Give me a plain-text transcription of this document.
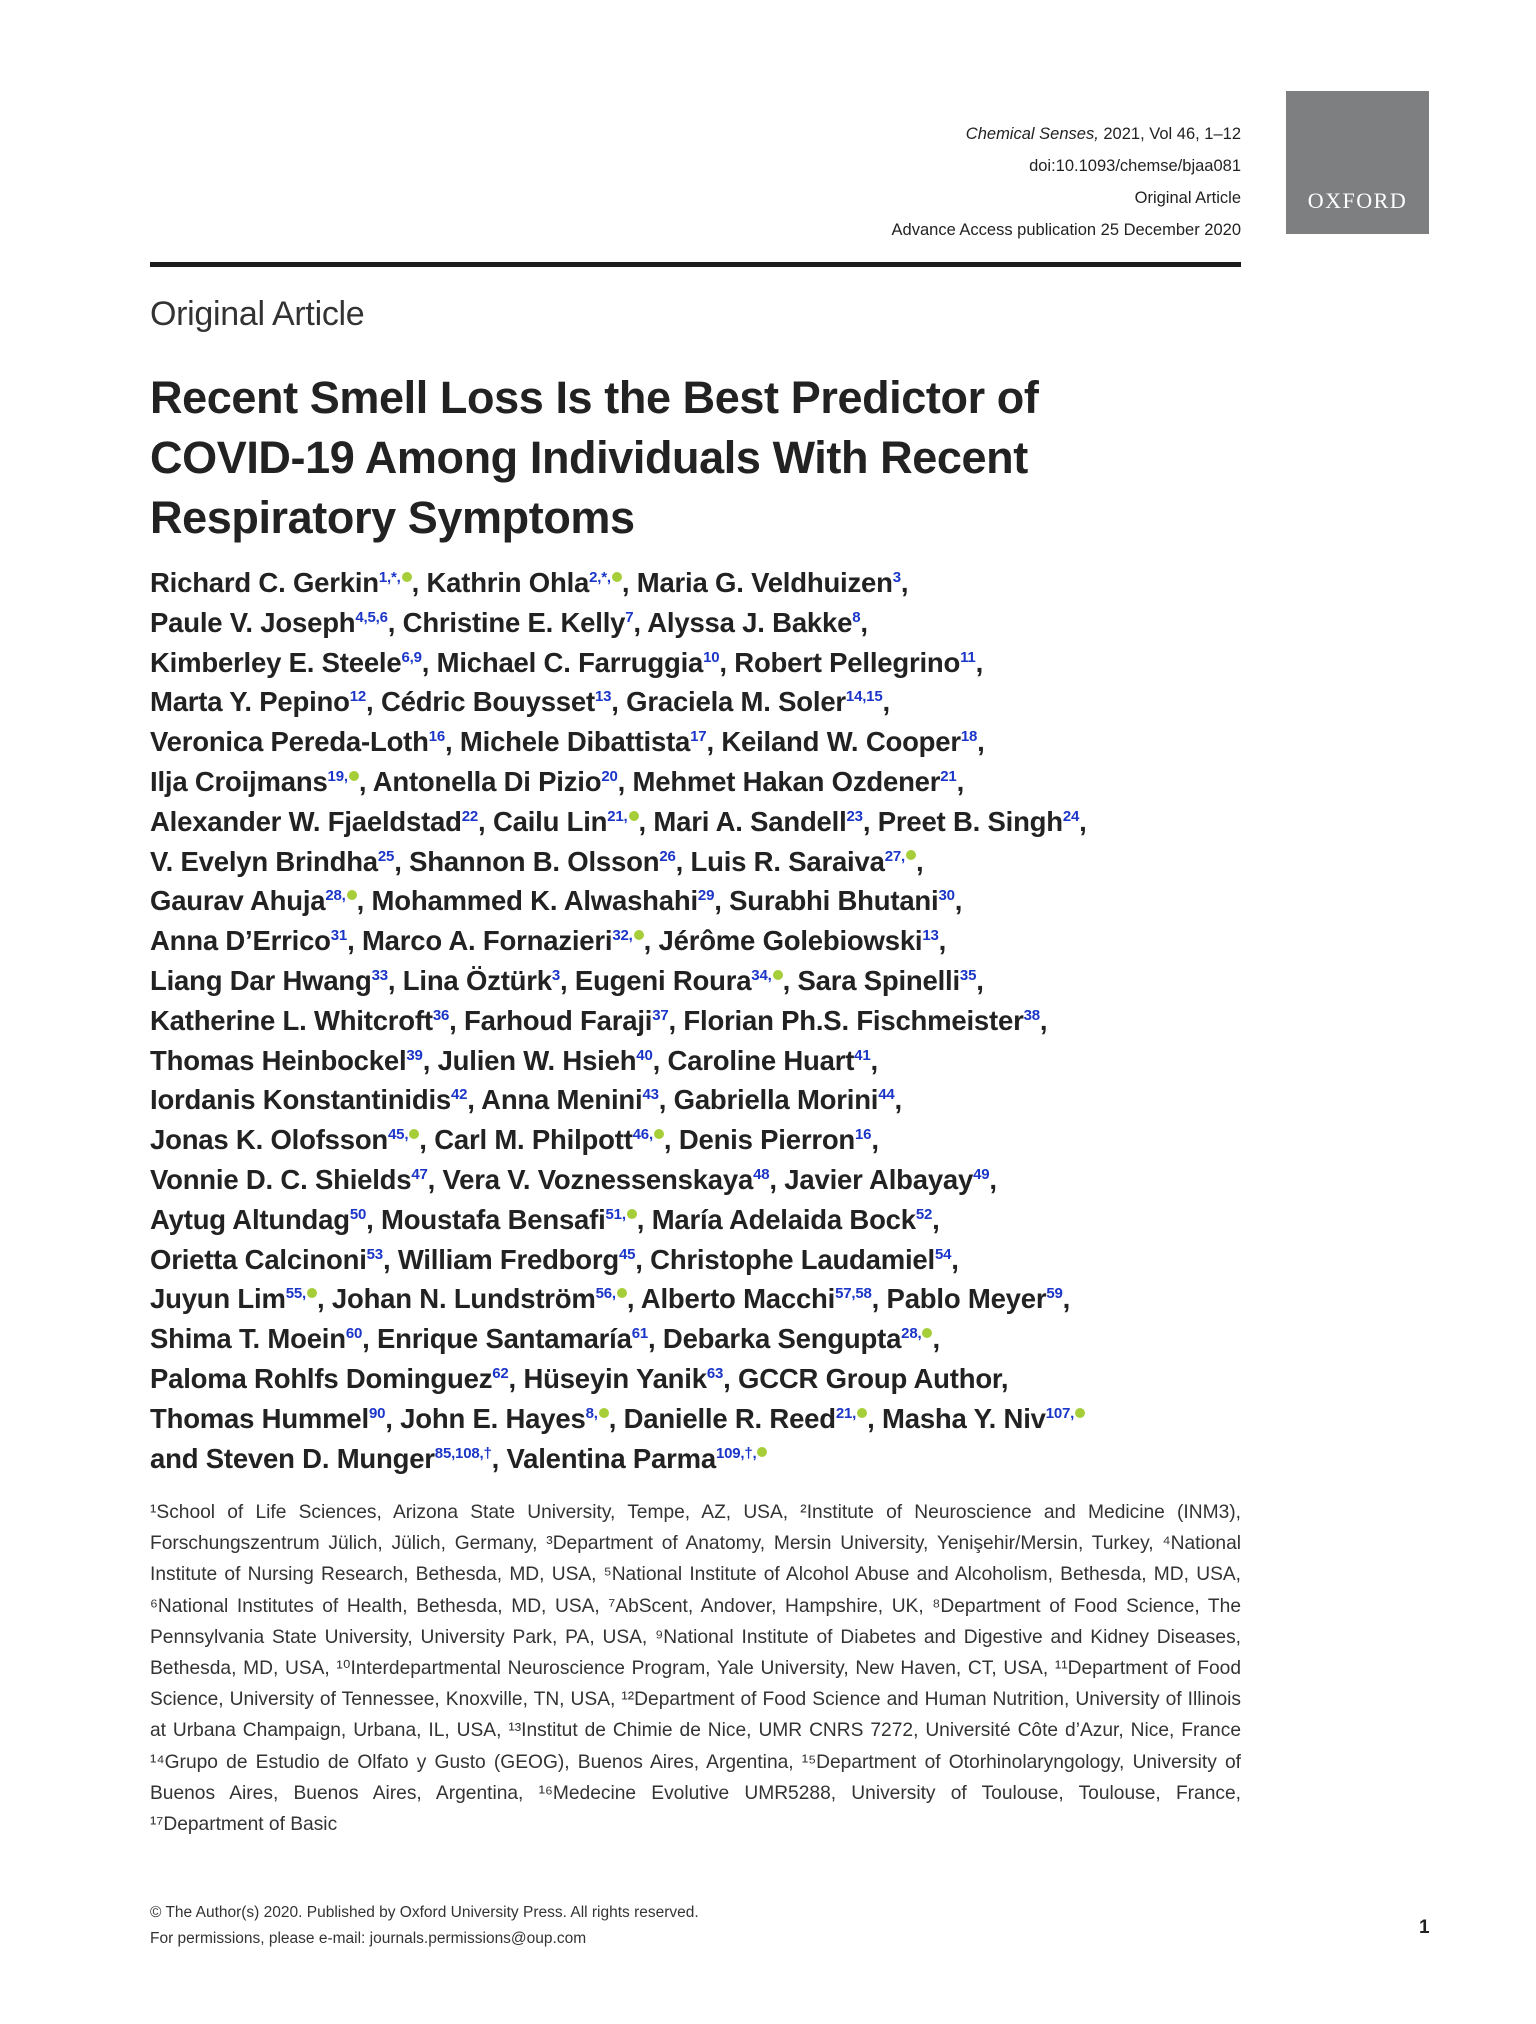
Chemical Senses, 2021, Vol 46, 1–12
doi:10.1093/chemse/bjaa081
Original Article
Advance Access publication 25 December 2020
OXFORD
Original Article
Recent Smell Loss Is the Best Predictor of
COVID-19 Among Individuals With Recent
Respiratory Symptoms
Richard C. Gerkin$^{1,*,}$ , Kathrin Ohla$^{2,*,}$ , Maria G. Veldhuizen$^3$,
Paule V. Joseph$^{4,5,6}$, Christine E. Kelly$^7$, Alyssa J. Bakke$^8$,
Kimberley E. Steele$^{6,9}$, Michael C. Farruggia$^{10}$, Robert Pellegrino$^{11}$,
Marta Y. Pepino$^{12}$, Cédric Bouysset$^{13}$, Graciela M. Soler$^{14,15}$,
Veronica Pereda-Loth$^{16}$, Michele Dibattista$^{17}$, Keiland W. Cooper$^{18}$,
Ilja Croijmans$^{19,}$ , Antonella Di Pizio$^{20}$, Mehmet Hakan Ozdener$^{21}$,
Alexander W. Fjaeldstad$^{22}$, Cailu Lin$^{21,}$ , Mari A. Sandell$^{23}$, Preet B. Singh$^{24}$,
V. Evelyn Brindha$^{25}$, Shannon B. Olsson$^{26}$, Luis R. Saraiva$^{27,}$ ,
Gaurav Ahuja$^{28,}$ , Mohammed K. Alwashahi$^{29}$, Surabhi Bhutani$^{30}$,
Anna D’Errico$^{31}$, Marco A. Fornazieri$^{32,}$ , Jérôme Golebiowski$^{13}$,
Liang Dar Hwang$^{33}$, Lina Öztürk$^3$, Eugeni Roura$^{34,}$ , Sara Spinelli$^{35}$,
Katherine L. Whitcroft$^{36}$, Farhoud Faraji$^{37}$, Florian Ph.S. Fischmeister$^{38}$,
Thomas Heinbockel$^{39}$, Julien W. Hsieh$^{40}$, Caroline Huart$^{41}$,
Iordanis Konstantinidis$^{42}$, Anna Menini$^{43}$, Gabriella Morini$^{44}$,
Jonas K. Olofsson$^{45,}$ , Carl M. Philpott$^{46,}$ , Denis Pierron$^{16}$,
Vonnie D. C. Shields$^{47}$, Vera V. Voznessenskaya$^{48}$, Javier Albayay$^{49}$,
Aytug Altundag$^{50}$, Moustafa Bensafi$^{51,}$ , María Adelaida Bock$^{52}$,
Orietta Calcinoni$^{53}$, William Fredborg$^{45}$, Christophe Laudamiel$^{54}$,
Juyun Lim$^{55,}$ , Johan N. Lundström$^{56,}$ , Alberto Macchi$^{57,58}$, Pablo Meyer$^{59}$,
Shima T. Moein$^{60}$, Enrique Santamaría$^{61}$, Debarka Sengupta$^{28,}$ ,
Paloma Rohlfs Dominguez$^{62}$, Hüseyin Yanik$^{63}$, GCCR Group Author,
Thomas Hummel$^{90}$, John E. Hayes$^{8,}$ , Danielle R. Reed$^{21,}$ , Masha Y. Niv$^{107,}$
and Steven D. Munger$^{85,108,\dagger}$, Valentina Parma$^{109,\dagger,}$
¹School of Life Sciences, Arizona State University, Tempe, AZ, USA, ²Institute of Neuroscience and Medicine (INM3), Forschungszentrum Jülich, Jülich, Germany, ³Department of Anatomy, Mersin University, Yenişehir/Mersin, Turkey, ⁴National Institute of Nursing Research, Bethesda, MD, USA, ⁵National Institute of Alcohol Abuse and Alcoholism, Bethesda, MD, USA, ⁶National Institutes of Health, Bethesda, MD, USA, ⁷AbScent, Andover, Hampshire, UK, ⁸Department of Food Science, The Pennsylvania State University, University Park, PA, USA, ⁹National Institute of Diabetes and Digestive and Kidney Diseases, Bethesda, MD, USA, ¹⁰Interdepartmental Neuroscience Program, Yale University, New Haven, CT, USA, ¹¹Department of Food Science, University of Tennessee, Knoxville, TN, USA, ¹²Department of Food Science and Human Nutrition, University of Illinois at Urbana Champaign, Urbana, IL, USA, ¹³Institut de Chimie de Nice, UMR CNRS 7272, Université Côte d’Azur, Nice, France ¹⁴Grupo de Estudio de Olfato y Gusto (GEOG), Buenos Aires, Argentina, ¹⁵Department of Otorhinolaryngology, University of Buenos Aires, Buenos Aires, Argentina, ¹⁶Medecine Evolutive UMR5288, University of Toulouse, Toulouse, France, ¹⁷Department of Basic
© The Author(s) 2020. Published by Oxford University Press. All rights reserved.
For permissions, please e-mail: journals.permissions@oup.com
1
